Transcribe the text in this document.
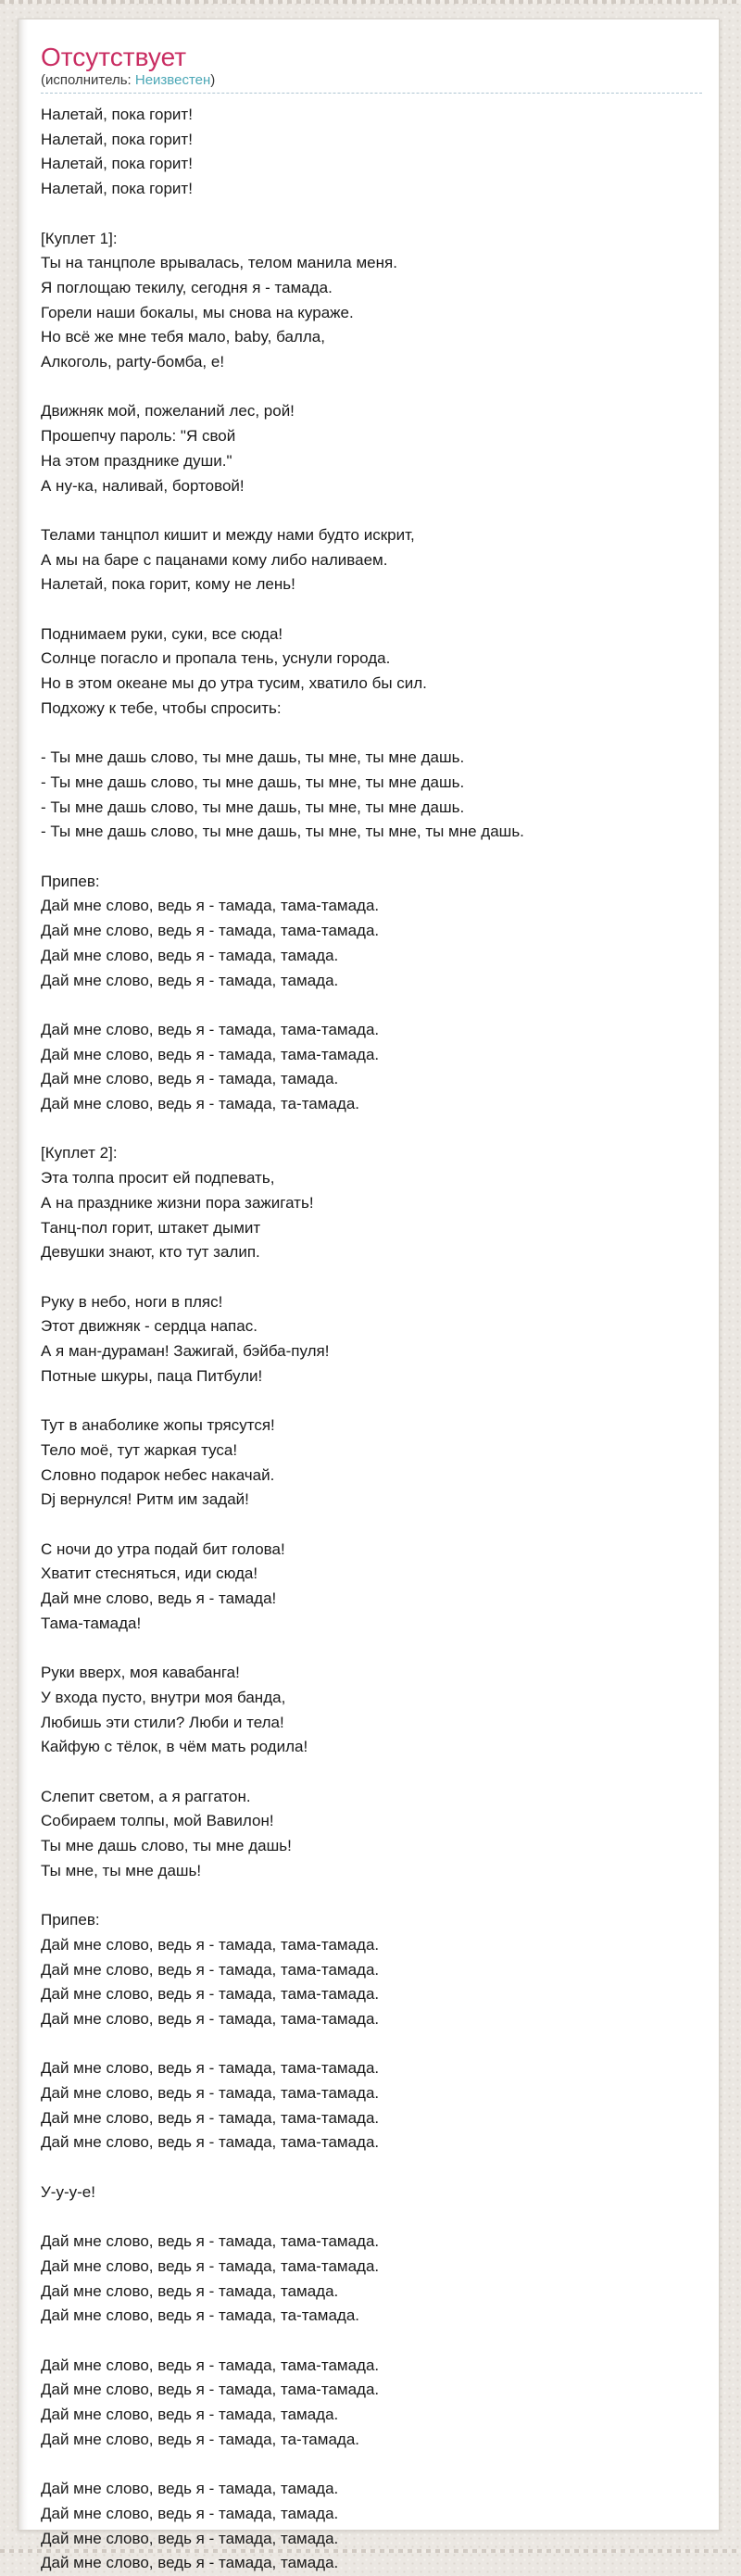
Отсутствует
(исполнитель: Неизвестен)

Налетай, пока горит!
Налетай, пока горит!
Налетай, пока горит!
Налетай, пока горит!

[Куплет 1]:
Ты на танцполе врывалась, телом манила меня.
Я поглощаю текилу, сегодня я - тамада.
Горели наши бокалы, мы снова на кураже.
Но всё же мне тебя мало, baby, балла,
Алкоголь, party-бомба, е!

Движняк мой, пожеланий лес, рой!
Прошепчу пароль: "Я свой
На этом празднике души."
А ну-ка, наливай, бортовой!

Телами танцпол кишит и между нами будто искрит,
А мы на баре с пацанами кому либо наливаем.
Налетай, пока горит, кому не лень!

Поднимаем руки, суки, все сюда!
Солнце погасло и пропала тень, уснули города.
Но в этом океане мы до утра тусим, хватило бы сил.
Подхожу к тебе, чтобы спросить:

- Ты мне дашь слово, ты мне дашь, ты мне, ты мне дашь.
- Ты мне дашь слово, ты мне дашь, ты мне, ты мне дашь.
- Ты мне дашь слово, ты мне дашь, ты мне, ты мне дашь.
- Ты мне дашь слово, ты мне дашь, ты мне, ты мне, ты мне дашь.

Припев:
Дай мне слово, ведь я - тамада, тама-тамада.
Дай мне слово, ведь я - тамада, тама-тамада.
Дай мне слово, ведь я - тамада, тамада.
Дай мне слово, ведь я - тамада, тамада.

Дай мне слово, ведь я - тамада, тама-тамада.
Дай мне слово, ведь я - тамада, тама-тамада.
Дай мне слово, ведь я - тамада, тамада.
Дай мне слово, ведь я - тамада, та-тамада.

[Куплет 2]:
Эта толпа просит ей подпевать,
А на празднике жизни пора зажигать!
Танц-пол горит, штакет дымит
Девушки знают, кто тут залип.

Руку в небо, ноги в пляс!
Этот движняк - сердца напас.
А я ман-дураман! Зажигай, бэйба-пуля!
Потные шкуры, паца Питбули!

Тут в анаболике жопы трясутся!
Тело моё, тут жаркая туса!
Словно подарок небес накачай.
Dj вернулся! Ритм им задай!

С ночи до утра подай бит голова!
Хватит стесняться, иди сюда!
Дай мне слово, ведь я - тамада!
Тама-тамада!

Руки вверх, моя кавабанга!
У входа пусто, внутри моя банда,
Любишь эти стили? Люби и тела!
Кайфую с тёлок, в чём мать родила!

Слепит светом, а я раггатон.
Собираем толпы, мой Вавилон!
Ты мне дашь слово, ты мне дашь!
Ты мне, ты мне дашь!

Припев:
Дай мне слово, ведь я - тамада, тама-тамада.
Дай мне слово, ведь я - тамада, тама-тамада.
Дай мне слово, ведь я - тамада, тама-тамада.
Дай мне слово, ведь я - тамада, тама-тамада.

Дай мне слово, ведь я - тамада, тама-тамада.
Дай мне слово, ведь я - тамада, тама-тамада.
Дай мне слово, ведь я - тамада, тама-тамада.
Дай мне слово, ведь я - тамада, тама-тамада.

У-у-у-е!

Дай мне слово, ведь я - тамада, тама-тамада.
Дай мне слово, ведь я - тамада, тама-тамада.
Дай мне слово, ведь я - тамада, тамада.
Дай мне слово, ведь я - тамада, та-тамада.

Дай мне слово, ведь я - тамада, тама-тамада.
Дай мне слово, ведь я - тамада, тама-тамада.
Дай мне слово, ведь я - тамада, тамада.
Дай мне слово, ведь я - тамада, та-тамада.

Дай мне слово, ведь я - тамада, тамада.
Дай мне слово, ведь я - тамада, тамада.
Дай мне слово, ведь я - тамада, тамада.
Дай мне слово, ведь я - тамада, тамада.
